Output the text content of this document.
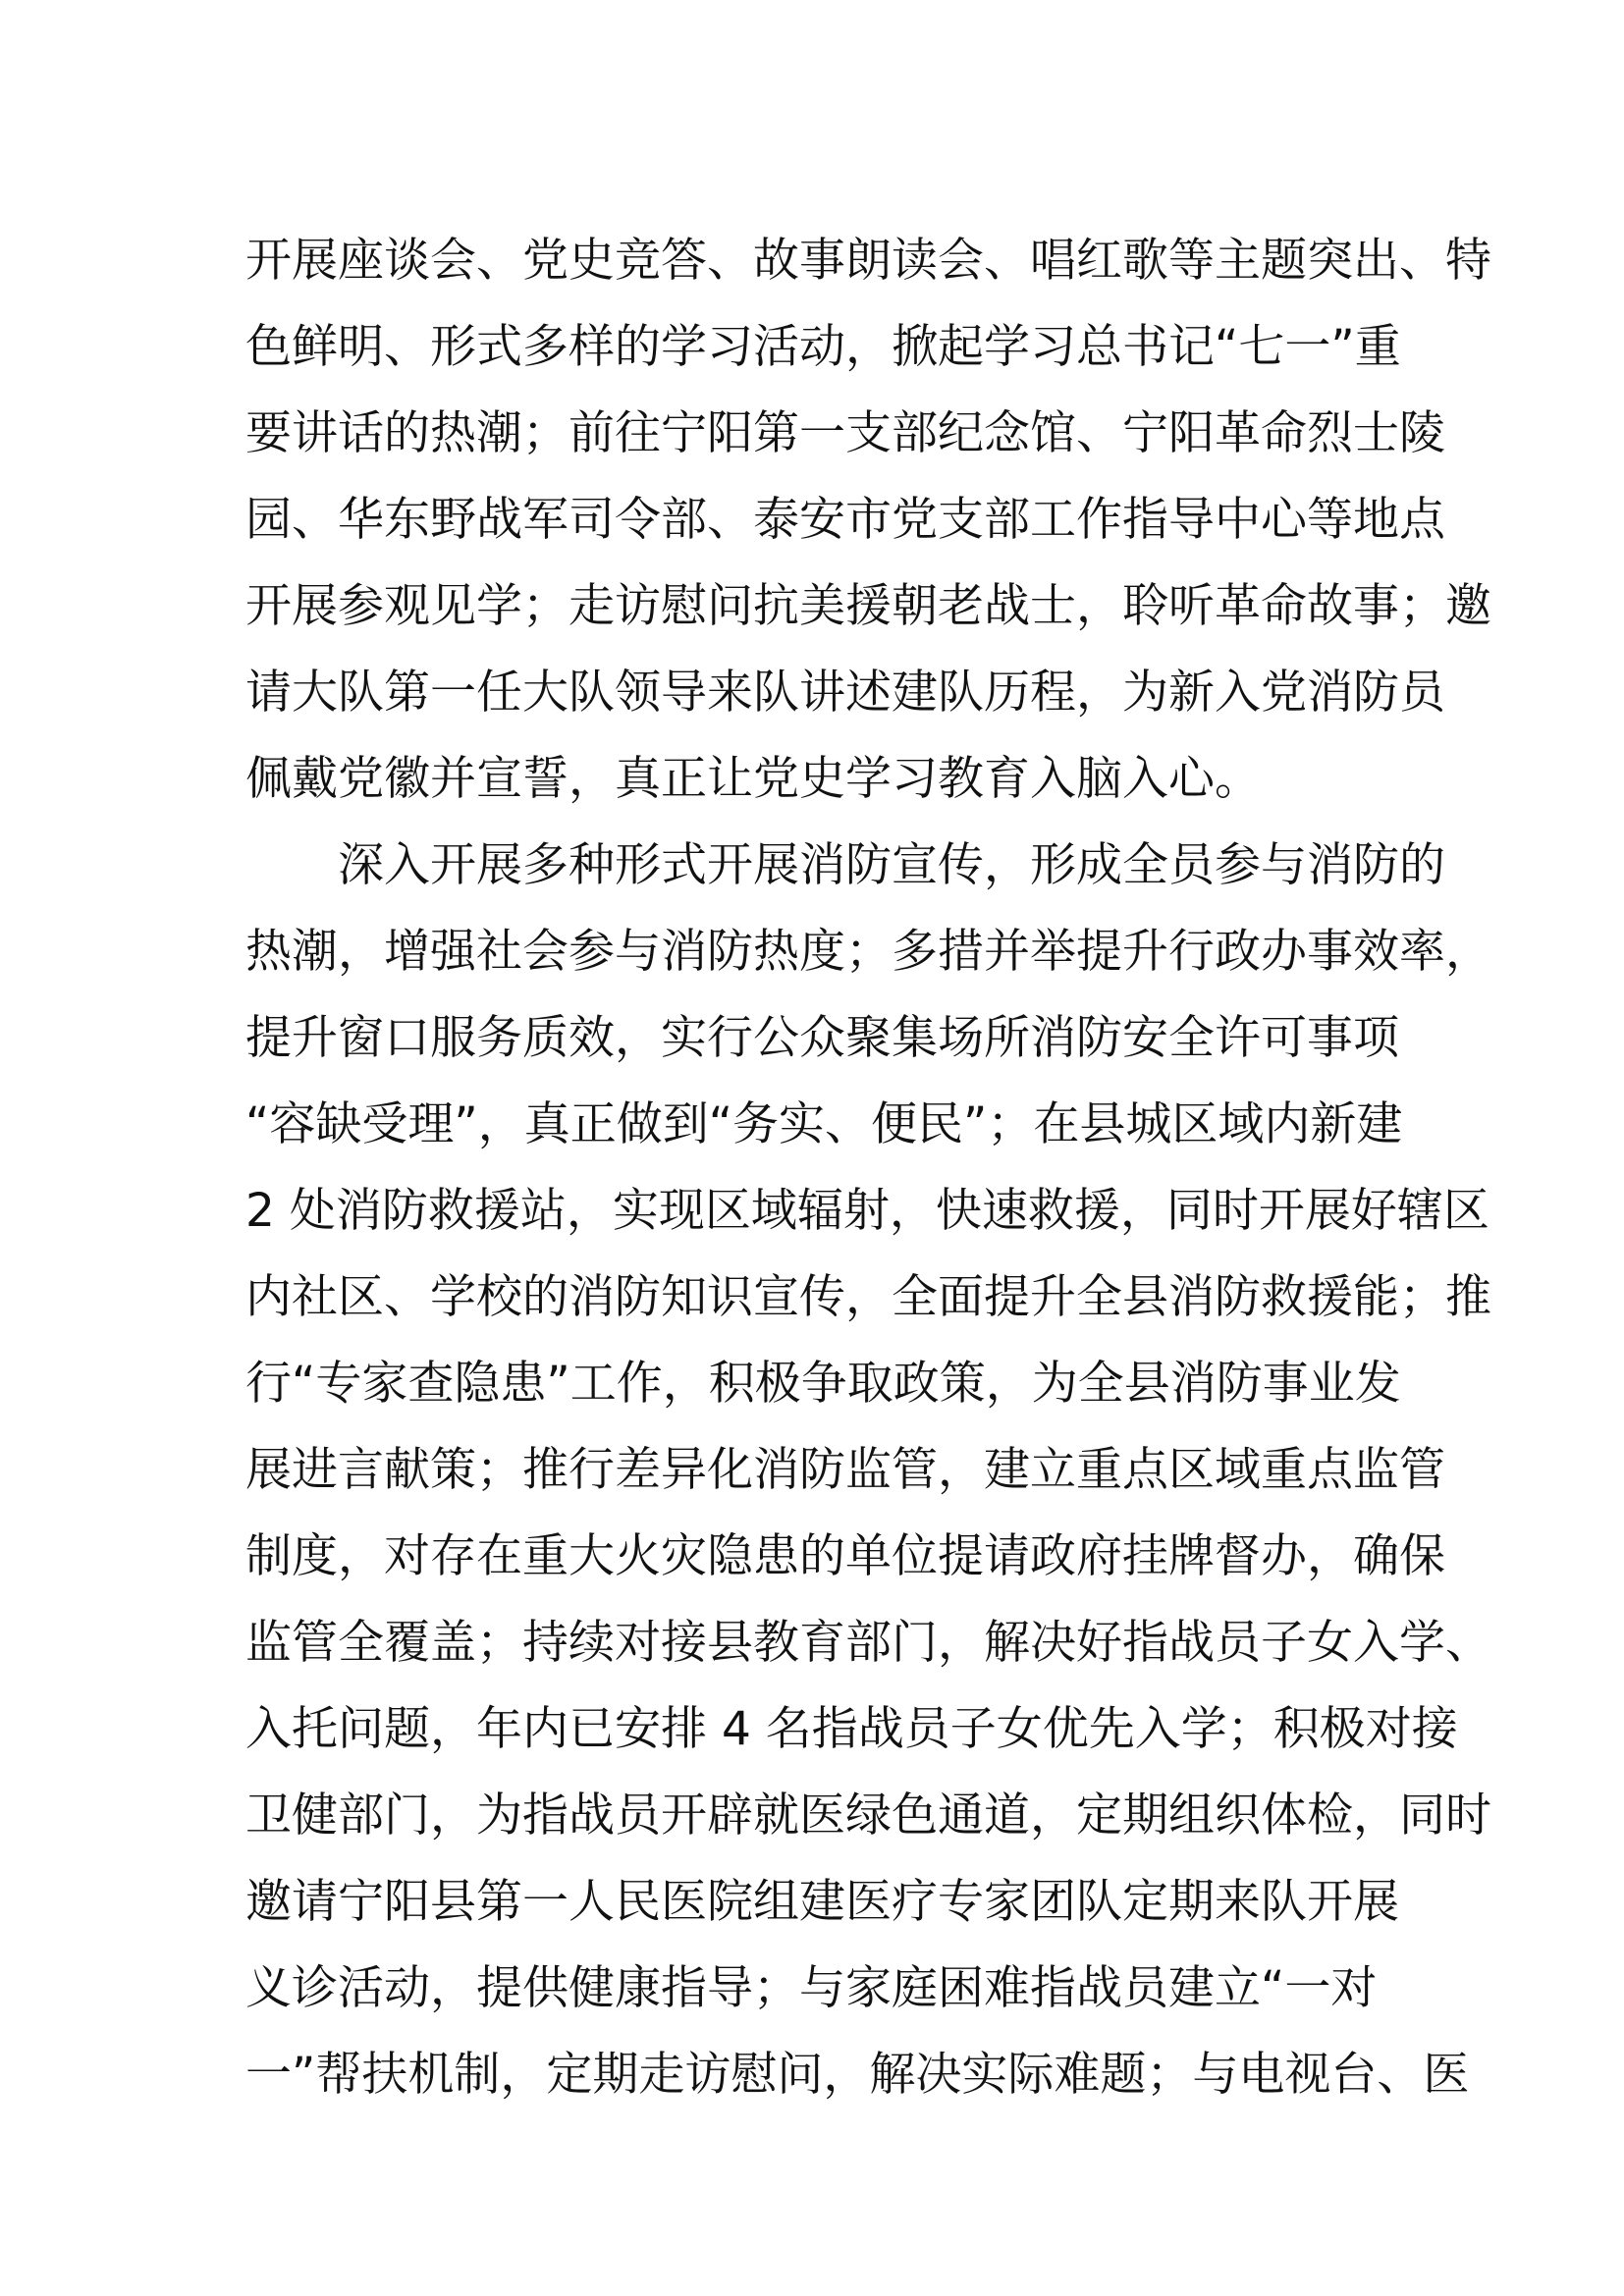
开展座谈会、党史竞答、故事朗读会、唱红歌等主题突出、特
色鲜明、形式多样的学习活动，掀起学习总书记“七一”重
要讲话的热潮；前往宁阳第一支部纪念馆、宁阳革命烈士陵
园、华东野战军司令部、泰安市党支部工作指导中心等地点
开展参观见学；走访慰问抗美援朝老战士，聆听革命故事；邀
请大队第一任大队领导来队讲述建队历程，为新入党消防员
佩戴党徽并宣誓，真正让党史学习教育入脑入心。
　　深入开展多种形式开展消防宣传，形成全员参与消防的
热潮，增强社会参与消防热度；多措并举提升行政办事效率，
提升窗口服务质效，实行公众聚集场所消防安全许可事项
“容缺受理”，真正做到“务实、便民”；在县城区域内新建
2 处消防救援站，实现区域辐射，快速救援，同时开展好辖区
内社区、学校的消防知识宣传，全面提升全县消防救援能；推
行“专家查隐患”工作，积极争取政策，为全县消防事业发
展进言献策；推行差异化消防监管，建立重点区域重点监管
制度，对存在重大火灾隐患的单位提请政府挂牌督办，确保
监管全覆盖；持续对接县教育部门，解决好指战员子女入学、
入托问题，年内已安排 4 名指战员子女优先入学；积极对接
卫健部门，为指战员开辟就医绿色通道，定期组织体检，同时
邀请宁阳县第一人民医院组建医疗专家团队定期来队开展
义诊活动，提供健康指导；与家庭困难指战员建立“一对
一”帮扶机制，定期走访慰问，解决实际难题；与电视台、医
